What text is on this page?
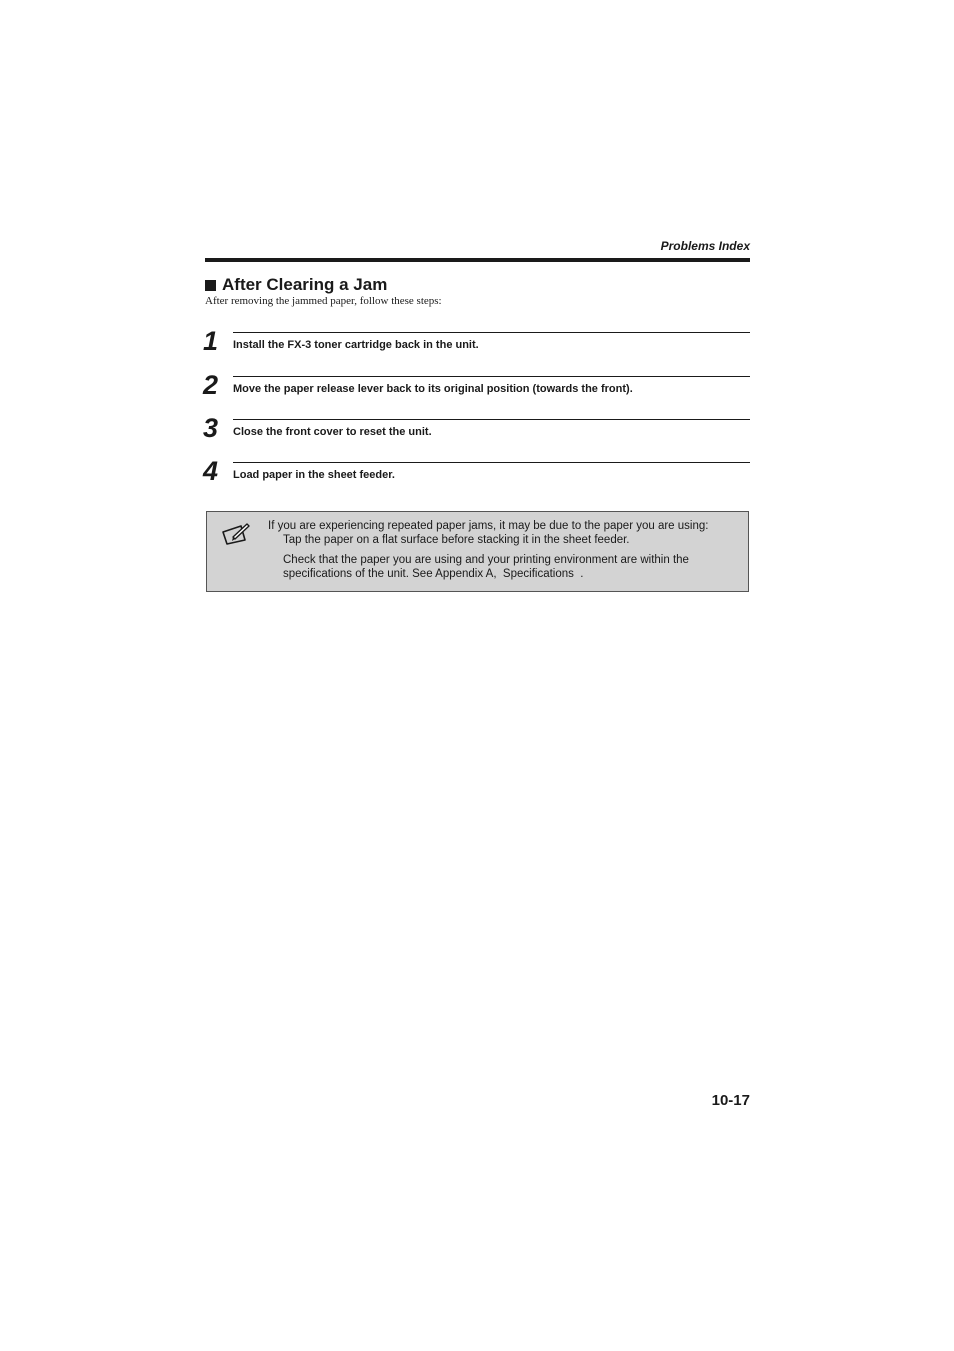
Problems Index
After Clearing a Jam
After removing the jammed paper, follow these steps:
1 Install the FX-3 toner cartridge back in the unit.
2 Move the paper release lever back to its original position (towards the front).
3 Close the front cover to reset the unit.
4 Load paper in the sheet feeder.
If you are experiencing repeated paper jams, it may be due to the paper you are using:
Tap the paper on a flat surface before stacking it in the sheet feeder.
Check that the paper you are using and your printing environment are within the specifications of the unit. See Appendix A,  Specifications  .
10-17
